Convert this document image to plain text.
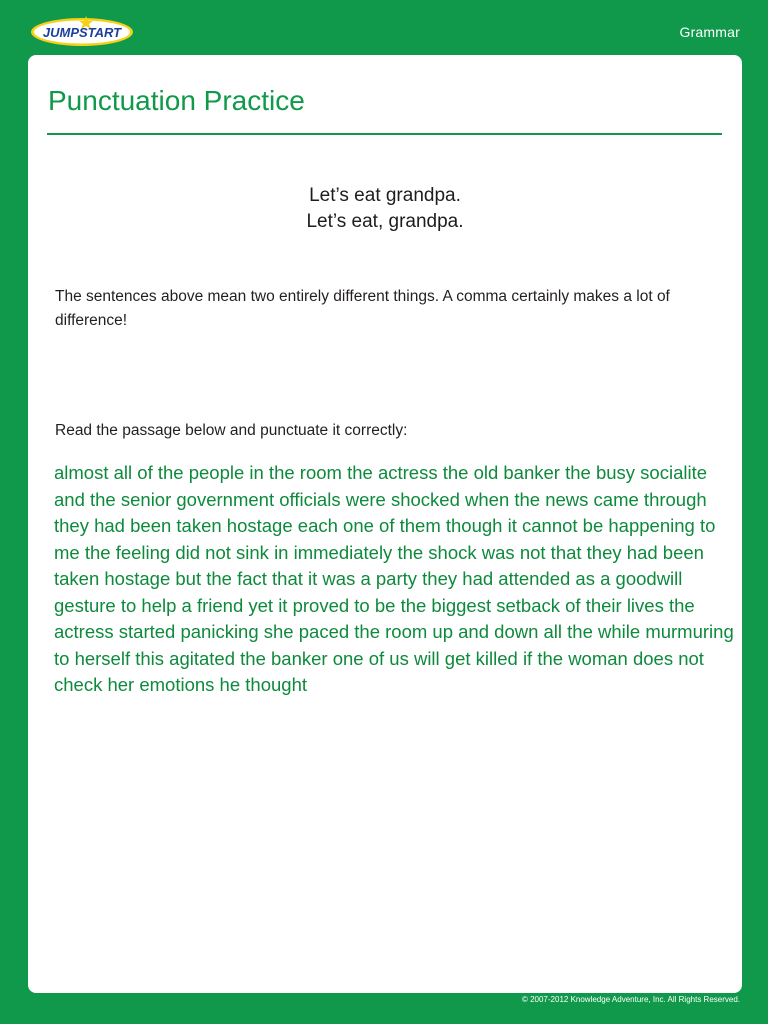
JUMPSTART	Grammar
Punctuation Practice
Let’s eat grandpa.
Let’s eat, grandpa.

The sentences above mean two entirely different things. A comma certainly makes a lot of difference!

Read the passage below and punctuate it correctly:

almost all of the people in the room the actress the old banker the busy socialite and the senior government officials were shocked when the news came through they had been taken hostage each one of them though it cannot be happening to me the feeling did not sink in immediately the shock was not that they had been taken hostage but the fact that it was a party they had attended as a goodwill gesture to help a friend yet it proved to be the biggest setback of their lives the actress started panicking she paced the room up and down all the while murmuring to herself this agitated the banker one of us will get killed if the woman does not check her emotions he thought

© 2007-2012 Knowledge Adventure, Inc. All Rights Reserved.
